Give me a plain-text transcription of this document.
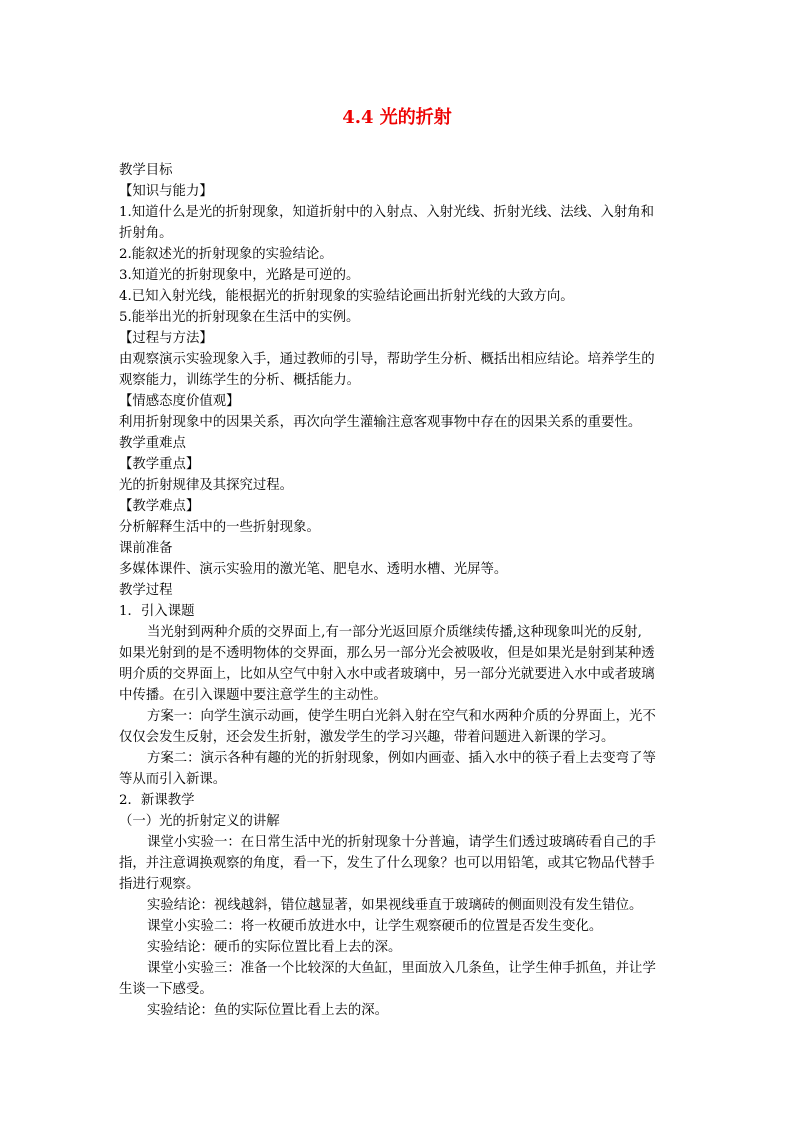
4.4 光的折射
教学目标
【知识与能力】
1.知道什么是光的折射现象，知道折射中的入射点、入射光线、折射光线、法线、入射角和
折射角。
2.能叙述光的折射现象的实验结论。
3.知道光的折射现象中，光路是可逆的。
4.已知入射光线，能根据光的折射现象的实验结论画出折射光线的大致方向。
5.能举出光的折射现象在生活中的实例。
【过程与方法】
由观察演示实验现象入手，通过教师的引导，帮助学生分析、概括出相应结论。培养学生的
观察能力，训练学生的分析、概括能力。
【情感态度价值观】
利用折射现象中的因果关系，再次向学生灌输注意客观事物中存在的因果关系的重要性。
教学重难点
【教学重点】
光的折射规律及其探究过程。
【教学难点】
分析解释生活中的一些折射现象。
课前准备
多媒体课件、演示实验用的激光笔、肥皂水、透明水槽、光屏等。
教学过程
1．引入课题
当光射到两种介质的交界面上,有一部分光返回原介质继续传播,这种现象叫光的反射,
如果光射到的是不透明物体的交界面，那么另一部分光会被吸收，但是如果光是射到某种透
明介质的交界面上，比如从空气中射入水中或者玻璃中，另一部分光就要进入水中或者玻璃
中传播。在引入课题中要注意学生的主动性。
方案一：向学生演示动画，使学生明白光斜入射在空气和水两种介质的分界面上，光不
仅仅会发生反射，还会发生折射，激发学生的学习兴趣，带着问题进入新课的学习。
方案二：演示各种有趣的光的折射现象，例如内画壶、插入水中的筷子看上去变弯了等
等从而引入新课。
2．新课教学
（一）光的折射定义的讲解
课堂小实验一：在日常生活中光的折射现象十分普遍，请学生们透过玻璃砖看自己的手
指，并注意调换观察的角度，看一下，发生了什么现象？也可以用铅笔，或其它物品代替手
指进行观察。
实验结论：视线越斜，错位越显著，如果视线垂直于玻璃砖的侧面则没有发生错位。
课堂小实验二：将一枚硬币放进水中，让学生观察硬币的位置是否发生变化。
实验结论：硬币的实际位置比看上去的深。
课堂小实验三：准备一个比较深的大鱼缸，里面放入几条鱼，让学生伸手抓鱼，并让学
生谈一下感受。
实验结论：鱼的实际位置比看上去的深。
